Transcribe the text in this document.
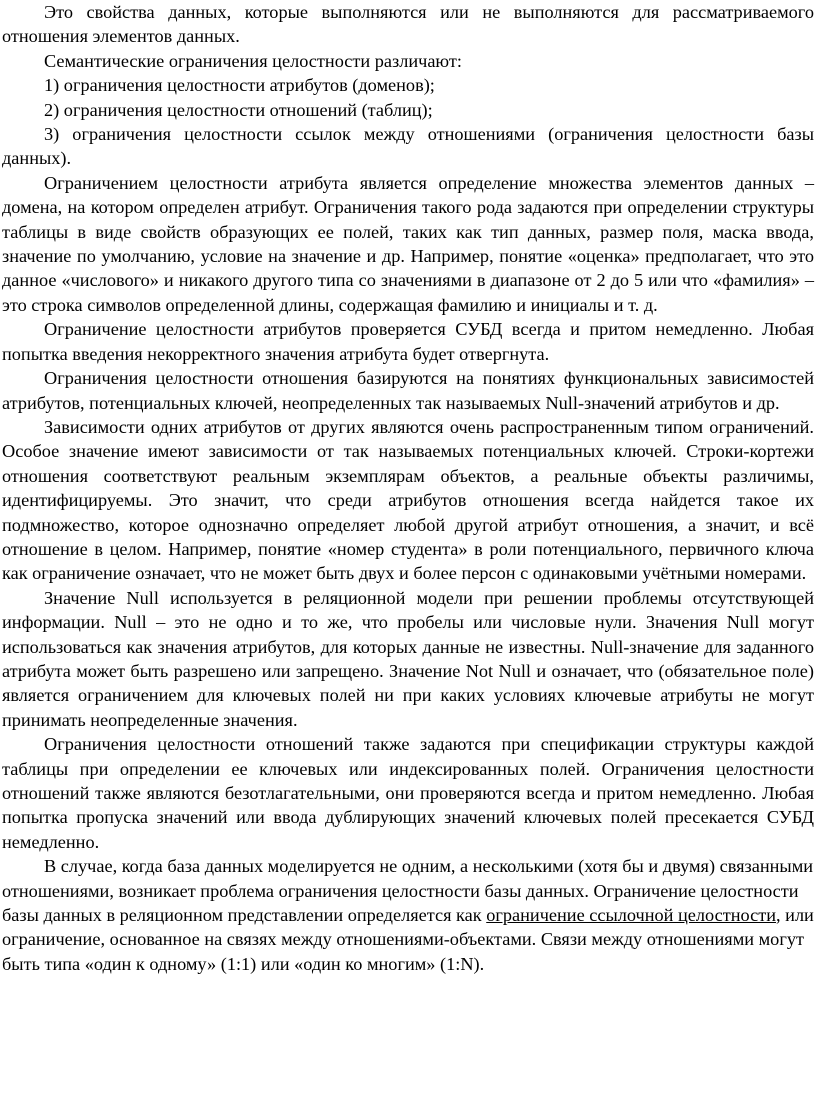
Это свойства данных, которые выполняются или не выполняются для рассматриваемого отношения элементов данных.

Семантические ограничения целостности различают:

1) ограничения целостности атрибутов (доменов);

2) ограничения целостности отношений (таблиц);

3) ограничения целостности ссылок между отношениями (ограничения целостности базы данных).

Ограничением целостности атрибута является определение множества элементов данных – домена, на котором определен атрибут. Ограничения такого рода задаются при определении структуры таблицы в виде свойств образующих ее полей, таких как тип данных, размер поля, маска ввода, значение по умолчанию, условие на значение и др. Например, понятие «оценка» предполагает, что это данное «числового» и никакого другого типа со значениями в диапазоне от 2 до 5 или что «фамилия» – это строка символов определенной длины, содержащая фамилию и инициалы и т. д.

Ограничение целостности атрибутов проверяется СУБД всегда и притом немедленно. Любая попытка введения некорректного значения атрибута будет отвергнута.

Ограничения целостности отношения базируются на понятиях функциональных зависимостей атрибутов, потенциальных ключей, неопределенных так называемых Null-значений атрибутов и др.

Зависимости одних атрибутов от других являются очень распространенным типом ограничений. Особое значение имеют зависимости от так называемых потенциальных ключей. Строки-кортежи отношения соответствуют реальным экземплярам объектов, а реальные объекты различимы, идентифицируемы. Это значит, что среди атрибутов отношения всегда найдется такое их подмножество, которое однозначно определяет любой другой атрибут отношения, а значит, и всё отношение в целом. Например, понятие «номер студента» в роли потенциального, первичного ключа как ограничение означает, что не может быть двух и более персон с одинаковыми учётными номерами.

Значение Null используется в реляционной модели при решении проблемы отсутствующей информации. Null – это не одно и то же, что пробелы или числовые нули. Значения Null могут использоваться как значения атрибутов, для которых данные не известны. Null-значение для заданного атрибута может быть разрешено или запрещено. Значение Not Null и означает, что (обязательное поле) является ограничением для ключевых полей ни при каких условиях ключевые атрибуты не могут принимать неопределенные значения.

Ограничения целостности отношений также задаются при спецификации структуры каждой таблицы при определении ее ключевых или индексированных полей. Ограничения целостности отношений также являются безотлагательными, они проверяются всегда и притом немедленно. Любая попытка пропуска значений или ввода дублирующих значений ключевых полей пресекается СУБД немедленно.

В случае, когда база данных моделируется не одним, а несколькими (хотя бы и двумя) связанными отношениями, возникает проблема ограничения целостности базы данных. Ограничение целостности базы данных в реляционном представлении определяется как ограничение ссылочной целостности, или ограничение, основанное на связях между отношениями-объектами. Связи между отношениями могут быть типа «один к одному» (1:1) или «один ко многим» (1:N).
